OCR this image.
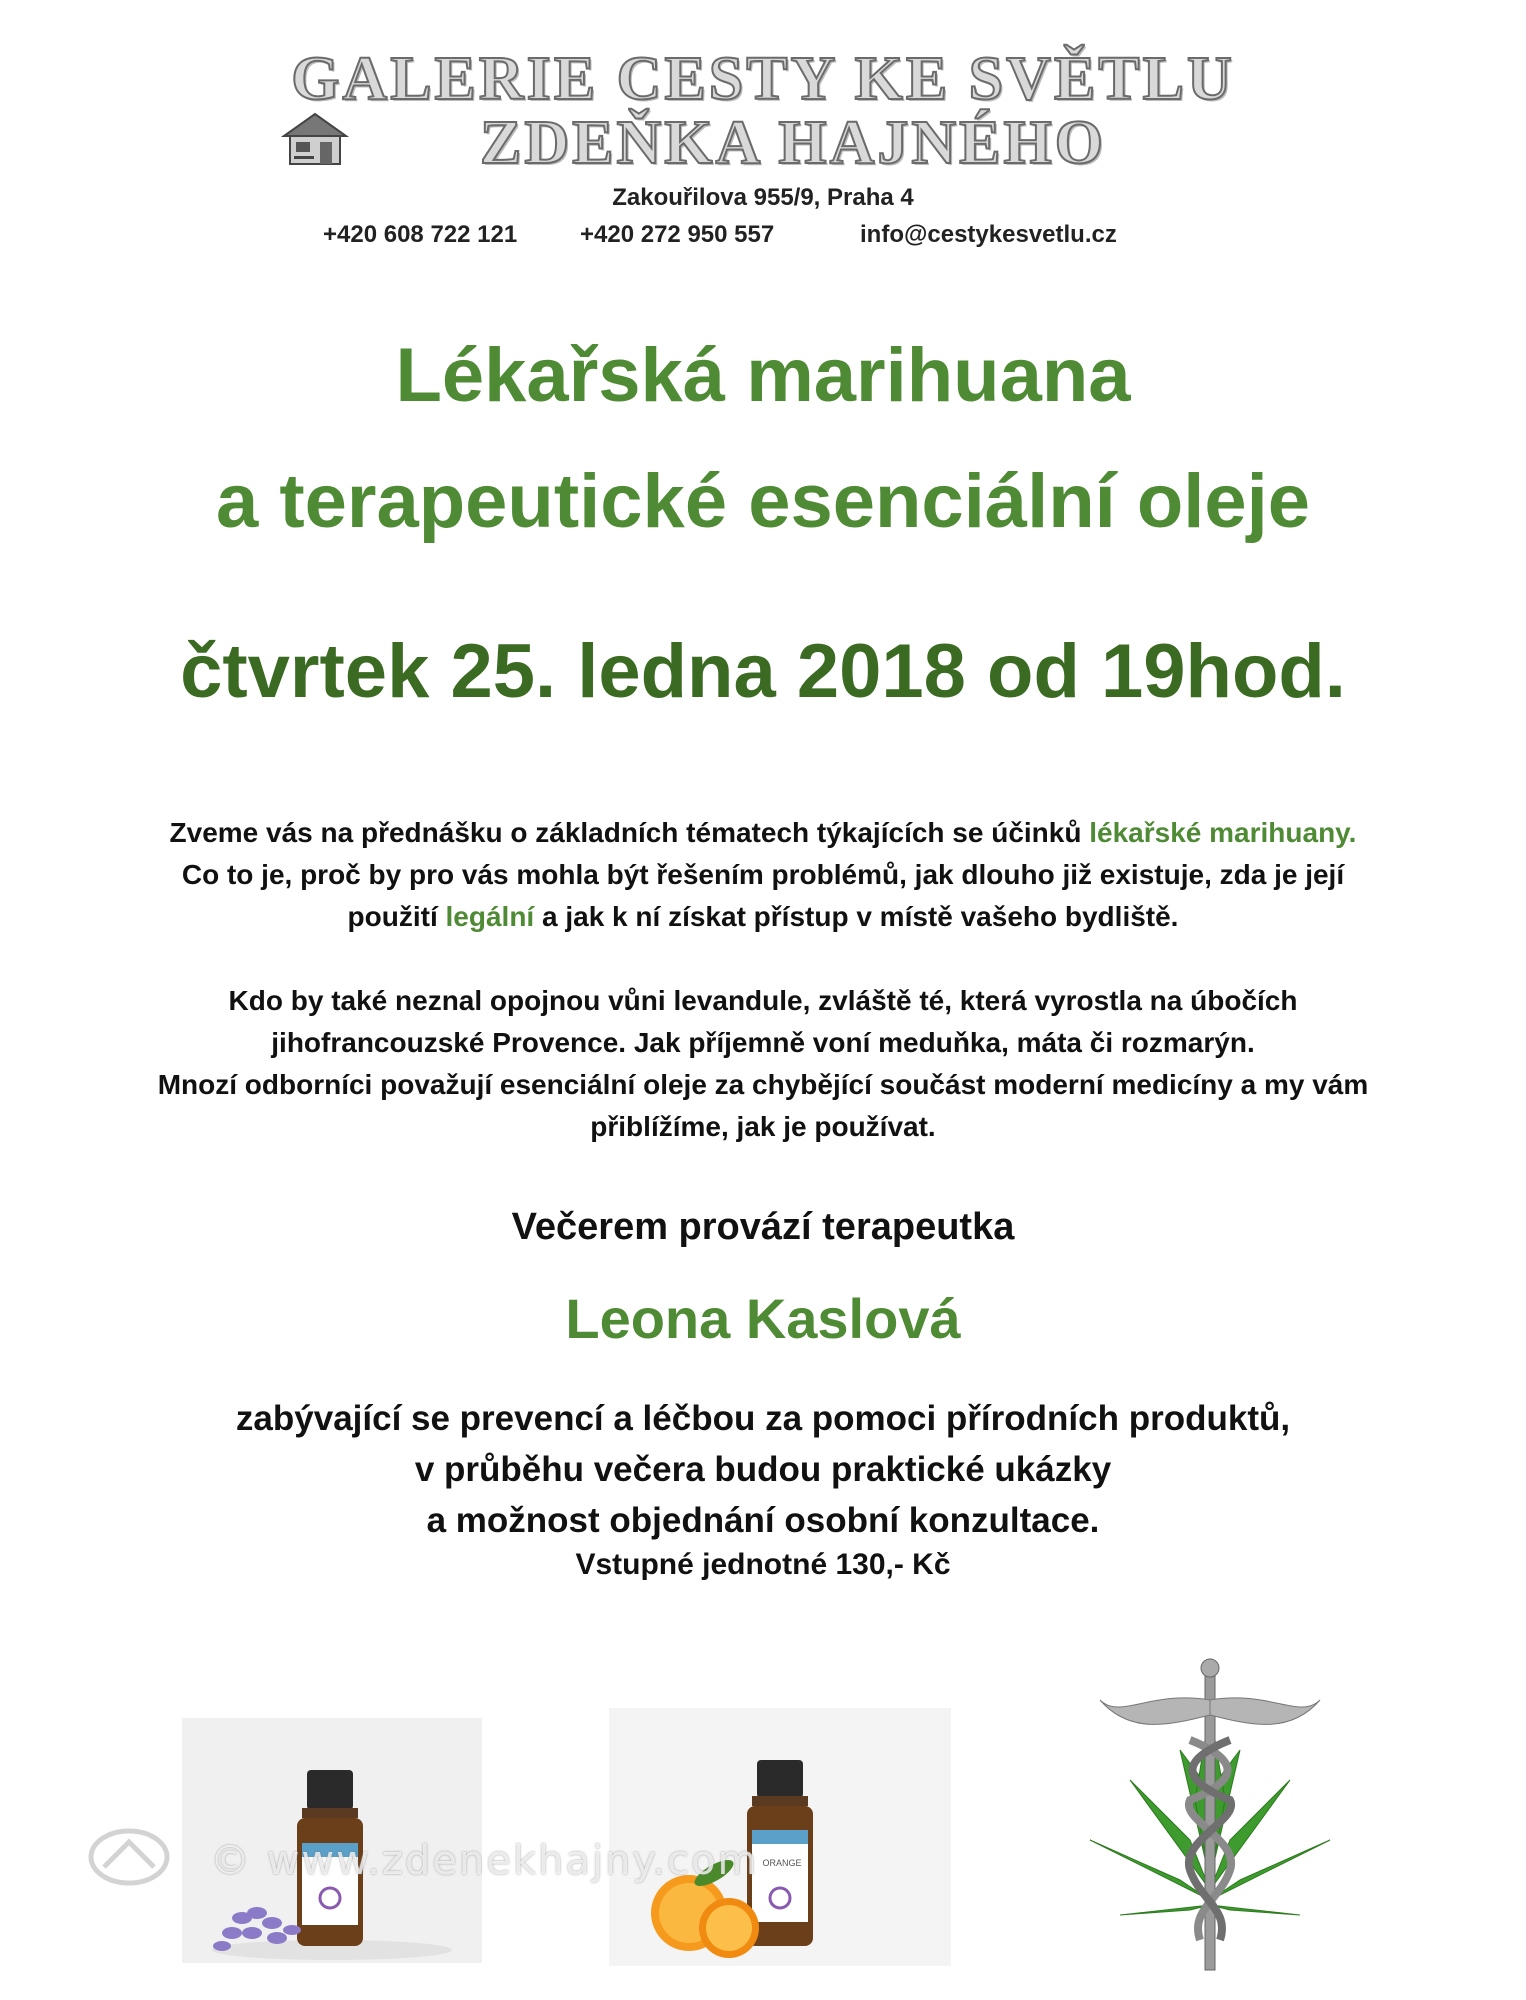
GALERIE CESTY KE SVĚTLU
ZDEŇKA HAJNÉHO
Zakouřilova 955/9, Praha 4
+420 608 722 121	+420 272 950 557	info@cestykesvetlu.cz
Lékařská marihuana
a terapeutické esenciální oleje
čtvrtek 25. ledna 2018 od 19hod.
Zveme vás na přednášku o základních tématech týkajících se účinků lékařské marihuany.
Co to je, proč by pro vás mohla být řešením problémů, jak dlouho již existuje, zda je její
použití legální a jak k ní získat přístup v místě vašeho bydliště.
Kdo by také neznal opojnou vůni levandule, zvláště té, která vyrostla na úbočích
jihofrancouzské Provence. Jak příjemně voní meduňka, máta či rozmarýn.
Mnozí odborníci považují esenciální oleje za chybějící součást moderní medicíny a my vám
přiblížíme, jak je používat.
Večerem provází terapeutka
Leona Kaslová
zabývající se prevencí a léčbou za pomoci přírodních produktů,
v průběhu večera budou praktické ukázky
a možnost objednání osobní konzultace.
Vstupné jednotné 130,- Kč
ORANGE
© www.zdenekhajny.com
